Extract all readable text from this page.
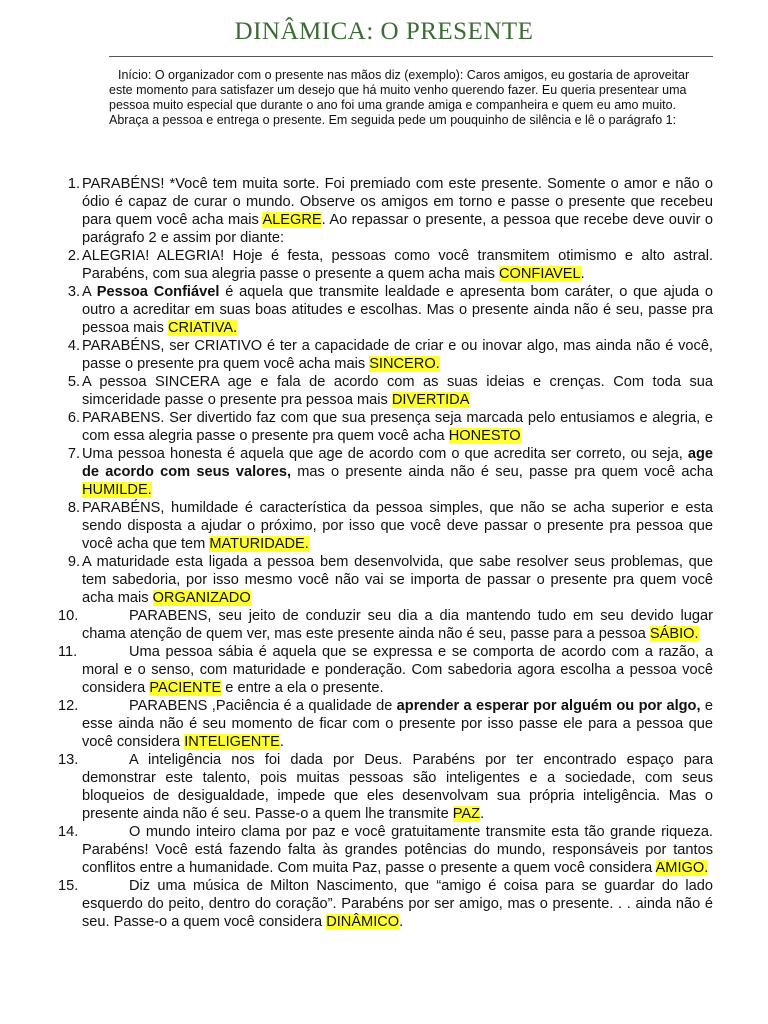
DINÂMICA: O PRESENTE
Início: O organizador com o presente nas mãos diz (exemplo): Caros amigos, eu gostaria de aproveitar este momento para satisfazer um desejo que há muito venho querendo fazer. Eu queria presentear uma pessoa muito especial que durante o ano foi uma grande amiga e companheira e quem eu amo muito. Abraça a pessoa e entrega o presente. Em seguida pede um pouquinho de silência e lê o parágrafo 1:
1. PARABÉNS! *Você tem muita sorte. Foi premiado com este presente. Somente o amor e não o ódio é capaz de curar o mundo. Observe os amigos em torno e passe o presente que recebeu para quem você acha mais ALEGRE. Ao repassar o presente, a pessoa que recebe deve ouvir o parágrafo 2 e assim por diante:
2. ALEGRIA! ALEGRIA! Hoje é festa, pessoas como você transmitem otimismo e alto astral. Parabéns, com sua alegria passe o presente a quem acha mais CONFIAVEL.
3. A Pessoa Confiável é aquela que transmite lealdade e apresenta bom caráter, o que ajuda o outro a acreditar em suas boas atitudes e escolhas. Mas o presente ainda não é seu, passe pra pessoa mais CRIATIVA.
4. PARABÉNS, ser CRIATIVO é ter a capacidade de criar e ou inovar algo, mas ainda não é você, passe o presente pra quem você acha mais SINCERO.
5. A pessoa SINCERA age e fala de acordo com as suas ideias e crenças. Com toda sua simceridade passe o presente pra pessoa mais DIVERTIDA
6. PARABENS. Ser divertido faz com que sua presença seja marcada pelo entusiamos e alegria, e com essa alegria passe o presente pra quem você acha HONESTO
7. Uma pessoa honesta é aquela que age de acordo com o que acredita ser correto, ou seja, age de acordo com seus valores, mas o presente ainda não é seu, passe pra quem você acha HUMILDE.
8. PARABÉNS, humildade é característica da pessoa simples, que não se acha superior e esta sendo disposta a ajudar o próximo, por isso que você deve passar o presente pra pessoa que você acha que tem MATURIDADE.
9. A maturidade esta ligada a pessoa bem desenvolvida, que sabe resolver seus problemas, que tem sabedoria, por isso mesmo você não vai se importa de passar o presente pra quem você acha mais ORGANIZADO
10.	PARABENS, seu jeito de conduzir seu dia a dia mantendo tudo em seu devido lugar chama atenção de quem ver, mas este presente ainda não é seu, passe para a pessoa SÁBIO.
11.	Uma pessoa sábia é aquela que se expressa e se comporta de acordo com a razão, a moral e o senso, com maturidade e ponderação. Com sabedoria agora escolha a pessoa você considera PACIENTE e entre a ela o presente.
12.	PARABENS ,Paciência é a qualidade de aprender a esperar por alguém ou por algo, e esse ainda não é seu momento de ficar com o presente por isso passe ele para a pessoa que você considera INTELIGENTE.
13.	A inteligência nos foi dada por Deus. Parabéns por ter encontrado espaço para demonstrar este talento, pois muitas pessoas são inteligentes e a sociedade, com seus bloqueios de desigualdade, impede que eles desenvolvam sua própria inteligência. Mas o presente ainda não é seu. Passe-o a quem lhe transmite PAZ.
14.	O mundo inteiro clama por paz e você gratuitamente transmite esta tão grande riqueza. Parabéns! Você está fazendo falta às grandes potências do mundo, responsáveis por tantos conflitos entre a humanidade. Com muita Paz, passe o presente a quem você considera AMIGO.
15.	Diz uma música de Milton Nascimento, que “amigo é coisa para se guardar do lado esquerdo do peito, dentro do coração”. Parabéns por ser amigo, mas o presente. . . ainda não é seu. Passe-o a quem você considera DINÂMICO.
